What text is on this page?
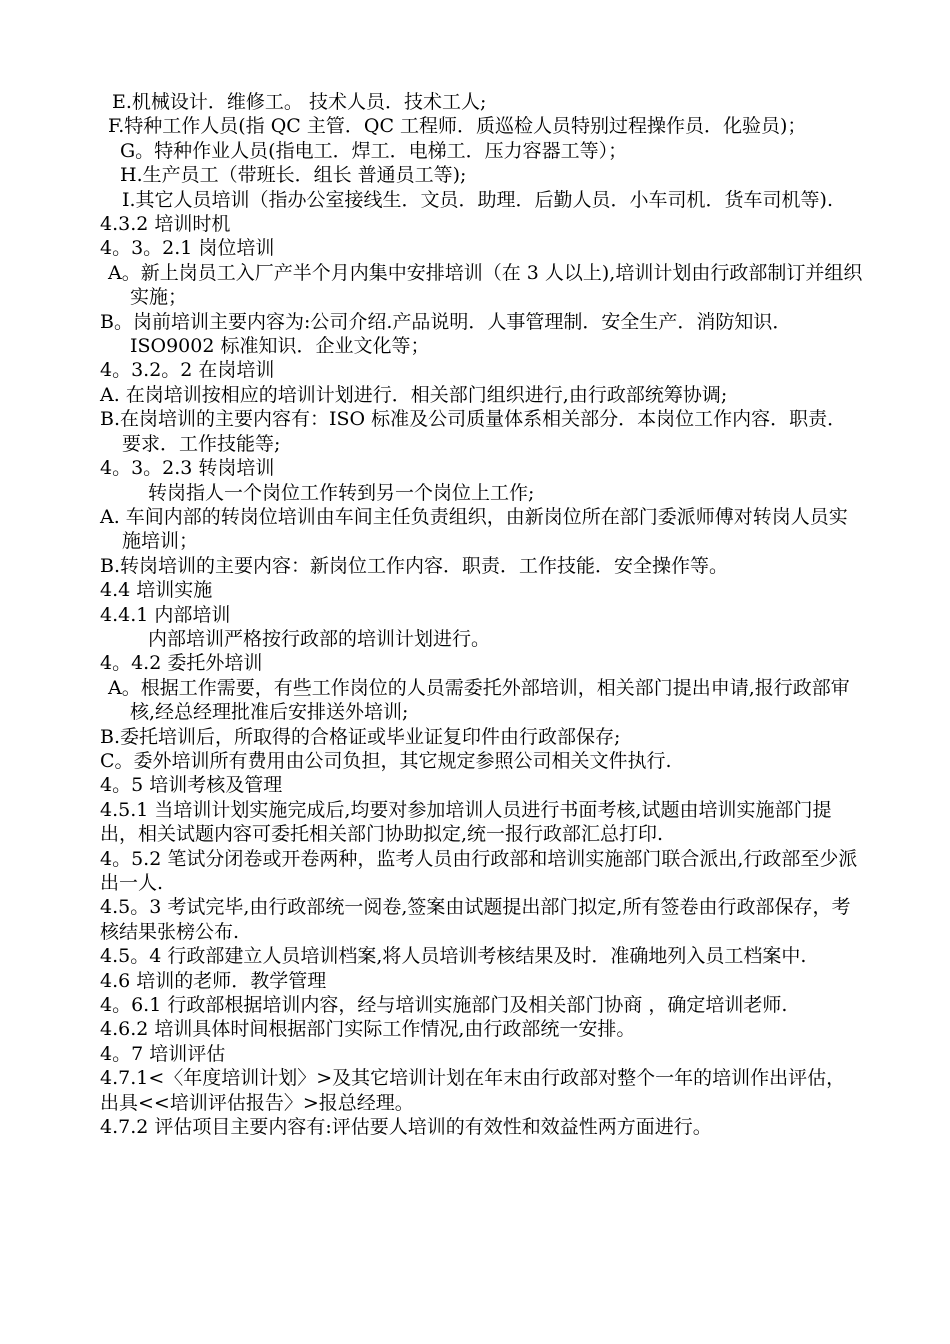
E.机械设计．维修工。 技术人员．技术工人;

F.特种工作人员(指 QC 主管．QC 工程师．质巡检人员特别过程操作员．化验员)；

G。特种作业人员(指电工．焊工．电梯工．压力容器工等）；

H.生产员工（带班长．组长 普通员工等);

I.其它人员培训（指办公室接线生．文员．助理．后勤人员．小车司机．货车司机等).

4.3.2 培训时机

4。3。2.1 岗位培训

A。新上岗员工入厂产半个月内集中安排培训（在 3 人以上),培训计划由行政部制订并组织实施；

B。岗前培训主要内容为:公司介绍.产品说明．人事管理制．安全生产．消防知识．ISO9002 标准知识．企业文化等；

4。3.2。2 在岗培训

A. 在岗培训按相应的培训计划进行．相关部门组织进行,由行政部统筹协调;

B.在岗培训的主要内容有：ISO 标准及公司质量体系相关部分．本岗位工作内容．职责．要求．工作技能等;

4。3。2.3 转岗培训

转岗指人一个岗位工作转到另一个岗位上工作;

A. 车间内部的转岗位培训由车间主任负责组织，由新岗位所在部门委派师傅对转岗人员实施培训；

B.转岗培训的主要内容：新岗位工作内容．职责．工作技能．安全操作等。

4.4 培训实施

4.4.1 内部培训

内部培训严格按行政部的培训计划进行。

4。4.2 委托外培训

A。根据工作需要，有些工作岗位的人员需委托外部培训，相关部门提出申请,报行政部审核,经总经理批准后安排送外培训;

B.委托培训后，所取得的合格证或毕业证复印件由行政部保存;

C。委外培训所有费用由公司负担，其它规定参照公司相关文件执行.

4。5 培训考核及管理

4.5.1 当培训计划实施完成后,均要对参加培训人员进行书面考核,试题由培训实施部门提出，相关试题内容可委托相关部门协助拟定,统一报行政部汇总打印.

4。5.2 笔试分闭卷或开卷两种，监考人员由行政部和培训实施部门联合派出,行政部至少派出一人.

4.5。3 考试完毕,由行政部统一阅卷,签案由试题提出部门拟定,所有签卷由行政部保存，考核结果张榜公布.

4.5。4 行政部建立人员培训档案,将人员培训考核结果及时．准确地列入员工档案中.

4.6 培训的老师．教学管理

4。6.1 行政部根据培训内容，经与培训实施部门及相关部门协商 ，确定培训老师.

4.6.2 培训具体时间根据部门实际工作情况,由行政部统一安排。

4。7 培训评估

4.7.1<〈年度培训计划〉>及其它培训计划在年末由行政部对整个一年的培训作出评估，出具<<培训评估报告〉>报总经理。

4.7.2 评估项目主要内容有:评估要人培训的有效性和效益性两方面进行。
